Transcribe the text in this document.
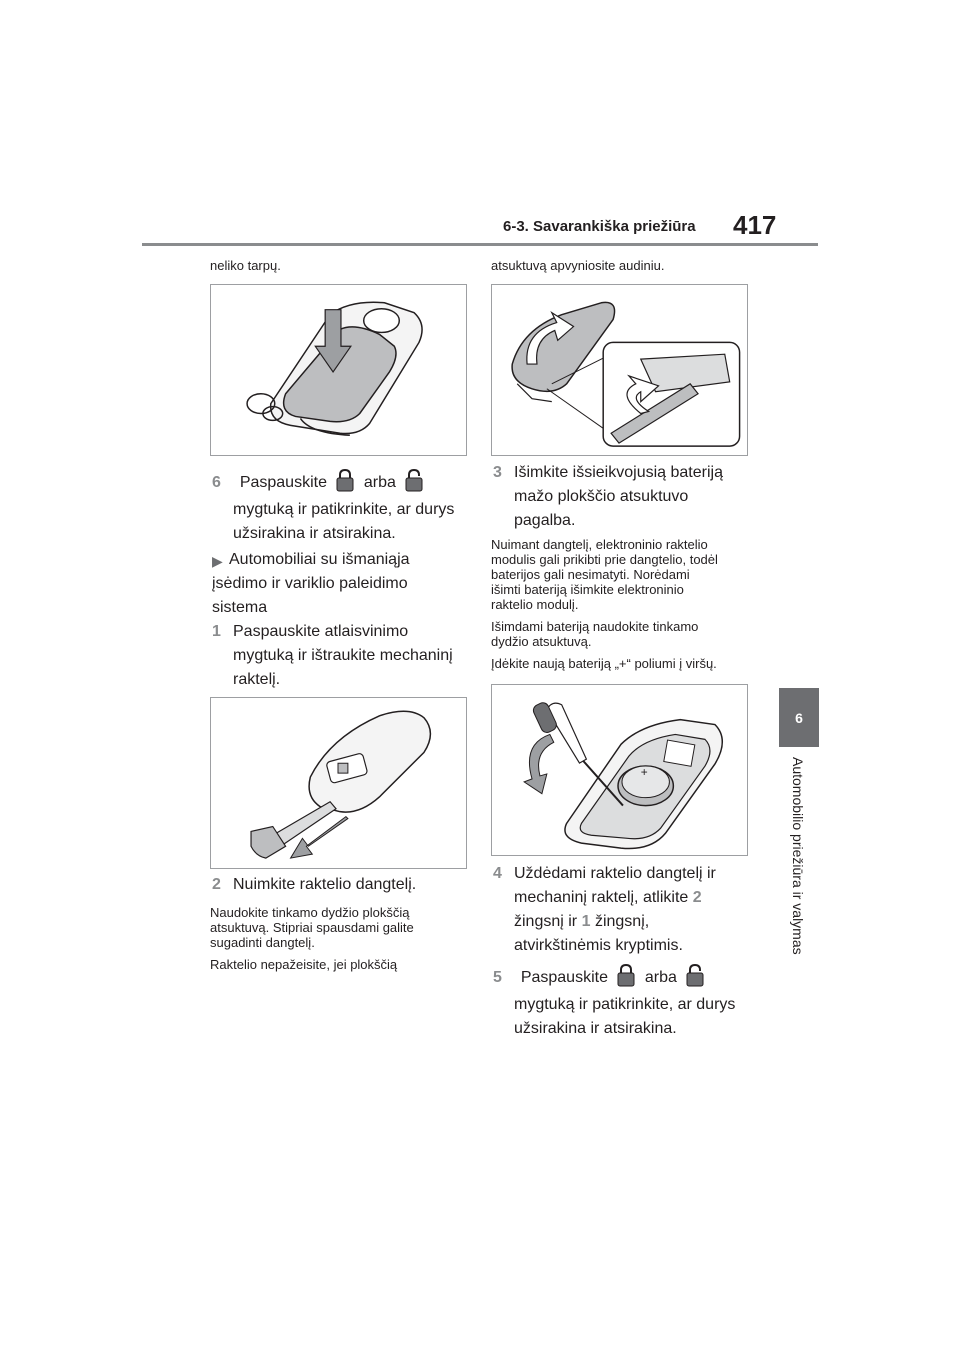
6-3. Savarankiška priežiūra 417
6
Automobilio priežiūra ir valymas
neliko tarpų.
6 Paspauskite arba
mygtuką ir patikrinkite, ar durys
užsirakina ir atsirakina.
▶ Automobiliai su išmaniąja
įsėdimo ir variklio paleidimo
sistema
1 Paspauskite atlaisvinimo
mygtuką ir ištraukite mechaninį
raktelį.
2 Nuimkite raktelio dangtelį.
Naudokite tinkamo dydžio plokščią
atsuktuvą. Stipriai spausdami galite
sugadinti dangtelį.
Raktelio nepažeisite, jei plokščią
atsuktuvą apvyniosite audiniu.
3 Išimkite išsieikvojusią bateriją
mažo plokščio atsuktuvo
pagalba.
Nuimant dangtelį, elektroninio raktelio
modulis gali prikibti prie dangtelio, todėl
baterijos gali nesimatyti. Norėdami
išimti bateriją išimkite elektroninio
raktelio modulį.
Išimdami bateriją naudokite tinkamo
dydžio atsuktuvą.
Įdėkite naują bateriją „+“ poliumi į viršų.
+
4 Uždėdami raktelio dangtelį ir
mechaninį raktelį, atlikite 2
žingsnį ir 1 žingsnį,
atvirkštinėmis kryptimis.
5 Paspauskite arba
mygtuką ir patikrinkite, ar durys
užsirakina ir atsirakina.
